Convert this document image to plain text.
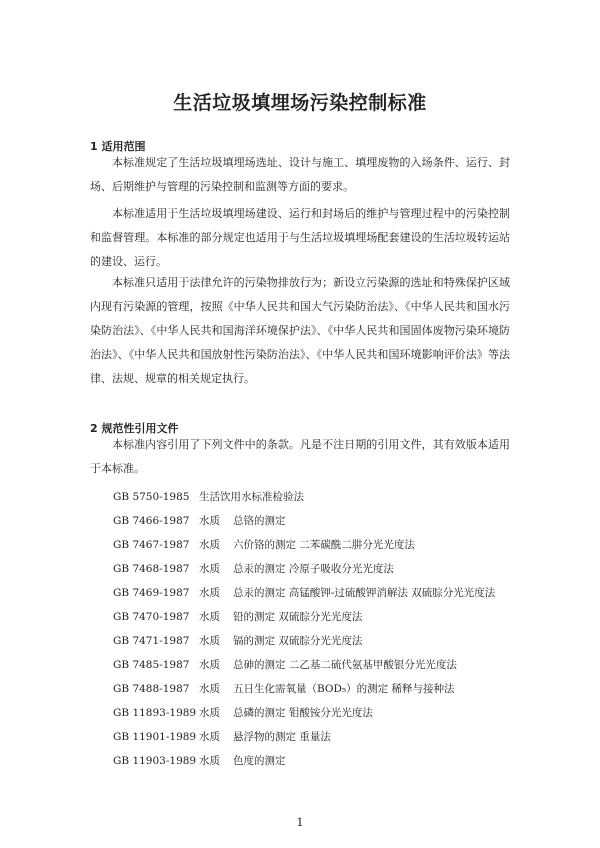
生活垃圾填埋场污染控制标准
1 适用范围

本标准规定了生活垃圾填埋场选址、设计与施工、填埋废物的入场条件、运行、封场、后期维护与管理的污染控制和监测等方面的要求。

本标准适用于生活垃圾填埋场建设、运行和封场后的维护与管理过程中的污染控制和监督管理。本标准的部分规定也适用于与生活垃圾填埋场配套建设的生活垃圾转运站的建设、运行。

本标准只适用于法律允许的污染物排放行为；新设立污染源的选址和特殊保护区域内现有污染源的管理，按照《中华人民共和国大气污染防治法》、《中华人民共和国水污染防治法》、《中华人民共和国海洋环境保护法》、《中华人民共和国固体废物污染环境防治法》、《中华人民共和国放射性污染防治法》、《中华人民共和国环境影响评价法》等法律、法规、规章的相关规定执行。

2 规范性引用文件

本标准内容引用了下列文件中的条款。凡是不注日期的引用文件，其有效版本适用于本标准。

GB 5750-1985 生活饮用水标准检验法
GB 7466-1987 水质 总铬的测定
GB 7467-1987 水质 六价铬的测定 二苯碳酰二肼分光光度法
GB 7468-1987 水质 总汞的测定 冷原子吸收分光光度法
GB 7469-1987 水质 总汞的测定 高锰酸钾-过硫酸钾消解法 双硫腙分光光度法
GB 7470-1987 水质 铅的测定 双硫腙分光光度法
GB 7471-1987 水质 镉的测定 双硫腙分光光度法
GB 7485-1987 水质 总砷的测定 二乙基二硫代氨基甲酸银分光光度法
GB 7488-1987 水质 五日生化需氧量（BOD₅）的测定 稀释与接种法
GB 11893-1989 水质 总磷的测定 钼酸铵分光光度法
GB 11901-1989 水质 悬浮物的测定 重量法
GB 11903-1989 水质 色度的测定
1
